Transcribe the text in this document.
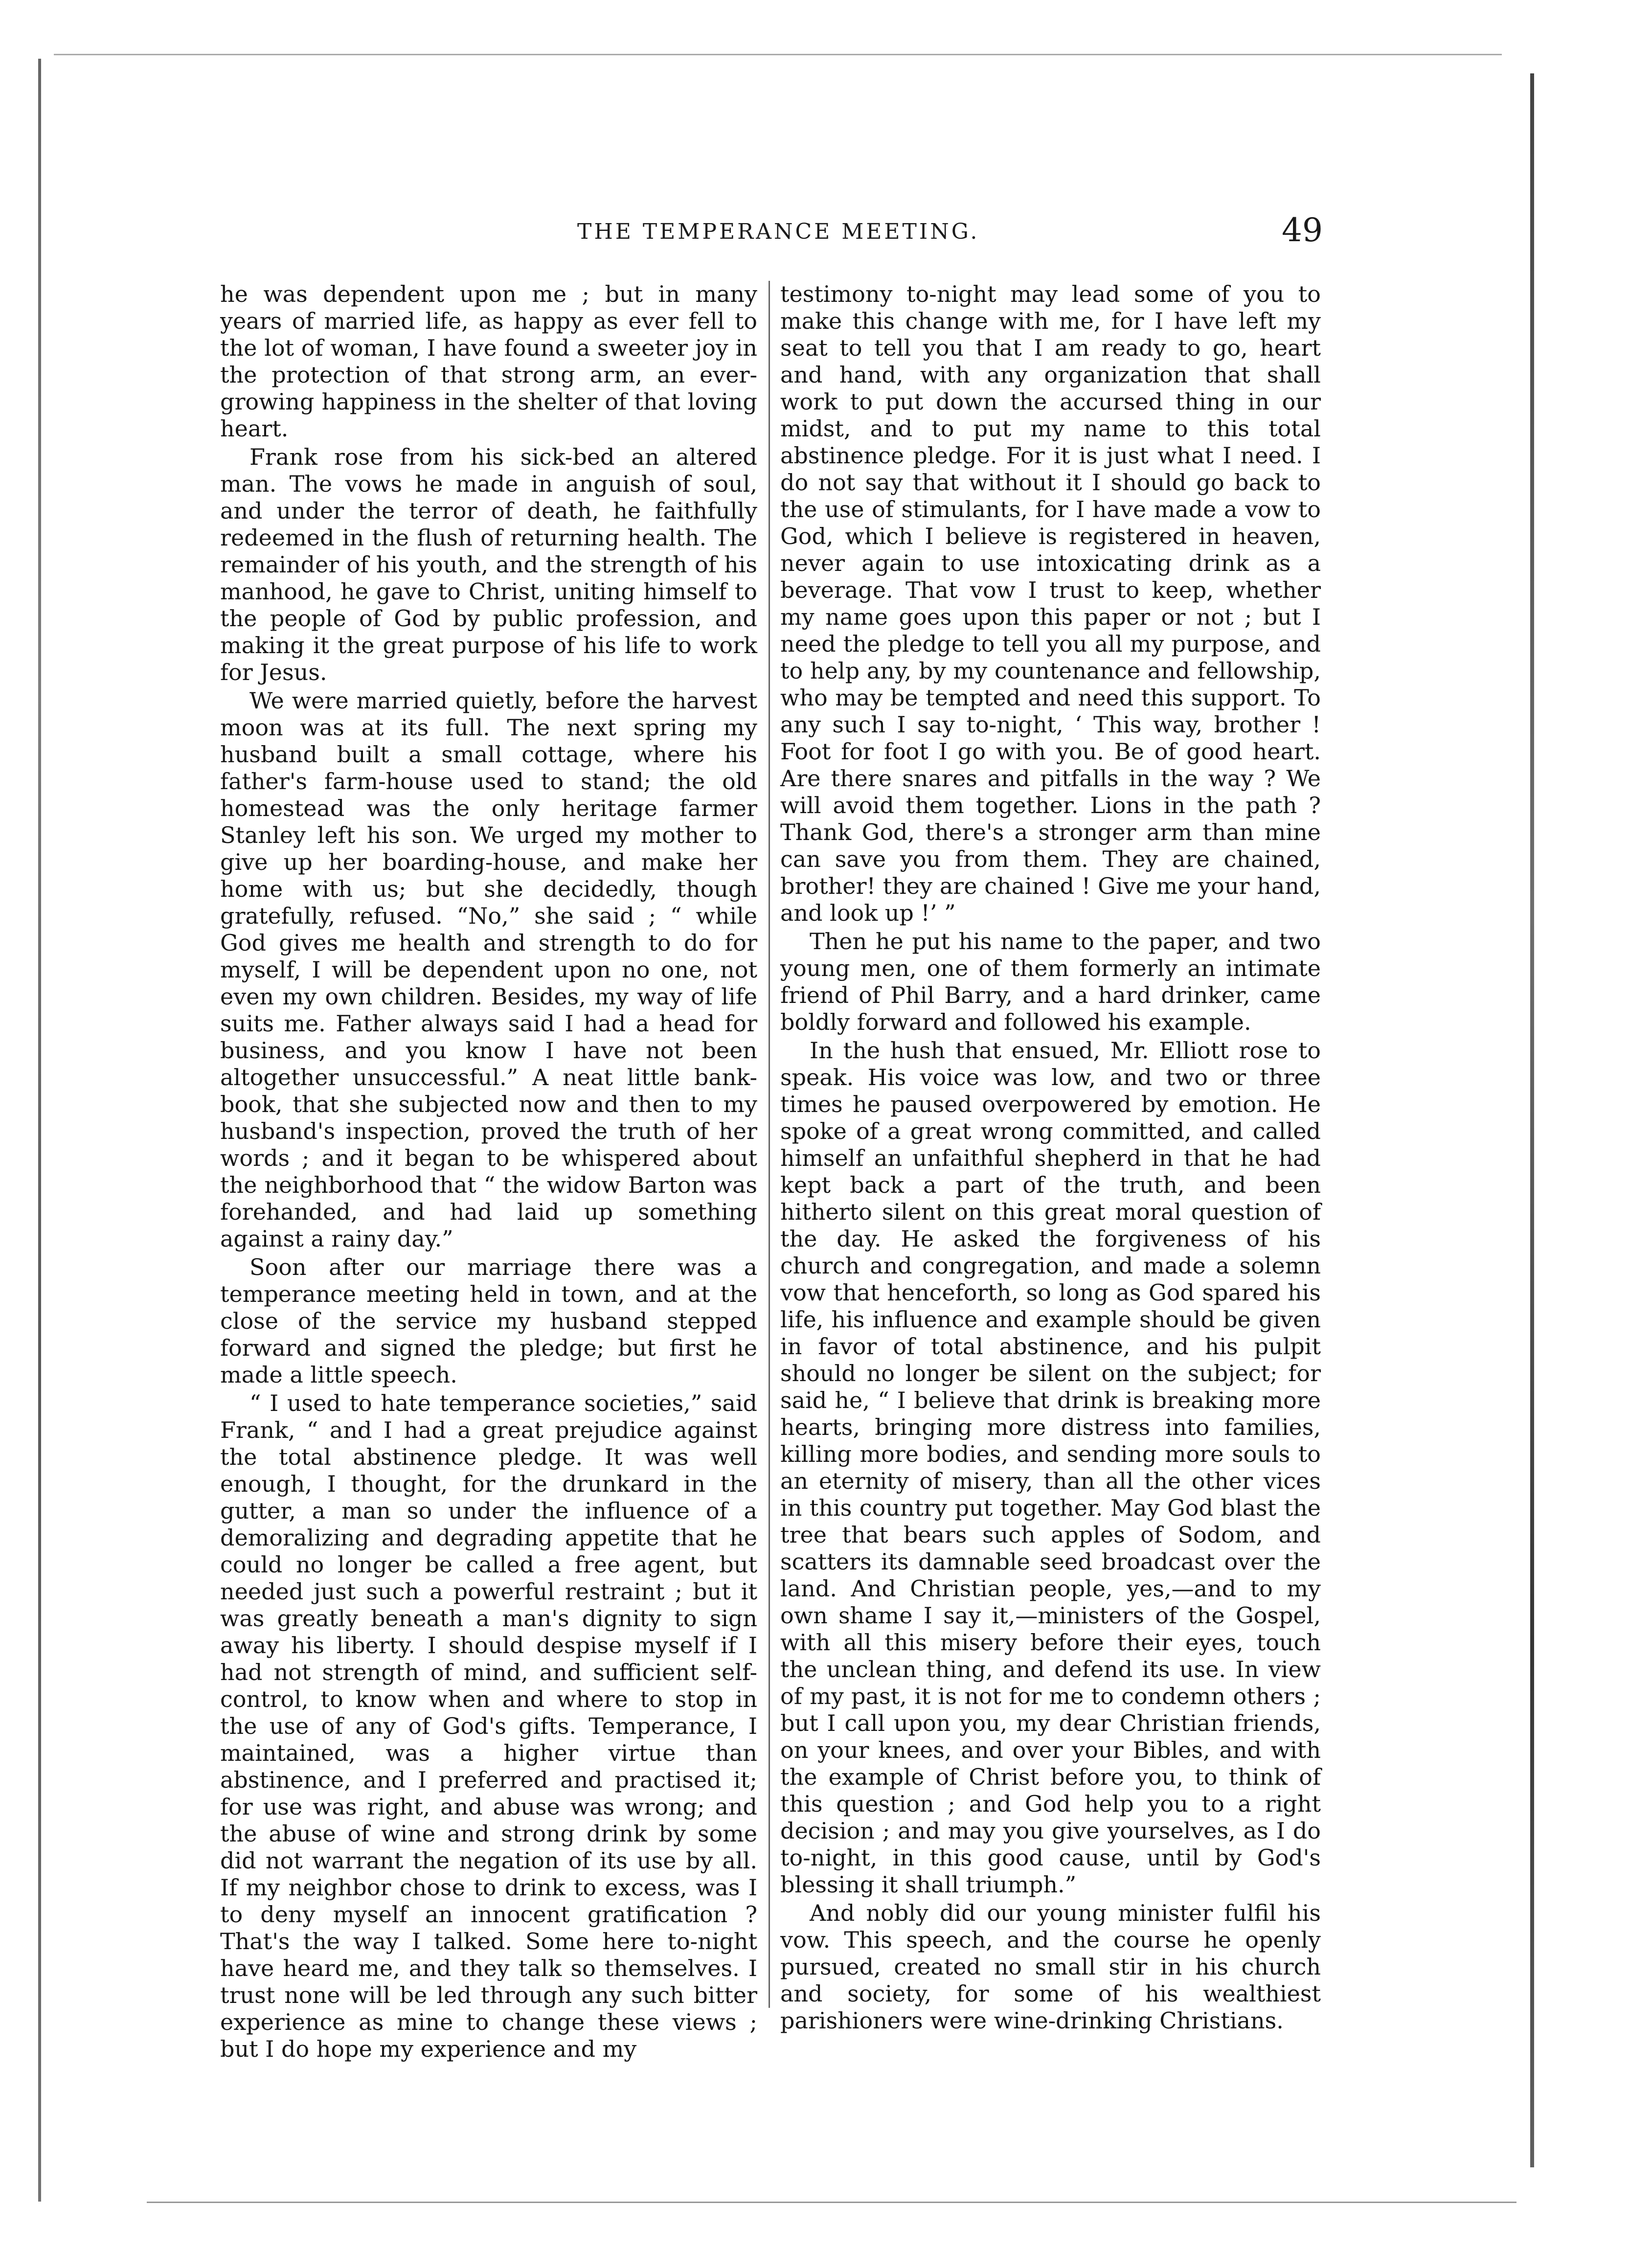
THE TEMPERANCE MEETING.	49

he was dependent upon me ; but in many years of married life, as happy as ever fell to the lot of woman, I have found a sweeter joy in the protection of that strong arm, an ever-growing happiness in the shelter of that loving heart.

Frank rose from his sick-bed an altered man. The vows he made in anguish of soul, and under the terror of death, he faithfully redeemed in the flush of returning health. The remainder of his youth, and the strength of his manhood, he gave to Christ, uniting himself to the people of God by public profession, and making it the great purpose of his life to work for Jesus.

We were married quietly, before the harvest moon was at its full. The next spring my husband built a small cottage, where his father's farm-house used to stand; the old homestead was the only heritage farmer Stanley left his son. We urged my mother to give up her boarding-house, and make her home with us; but she decidedly, though gratefully, refused. “No,” she said ; “ while God gives me health and strength to do for myself, I will be dependent upon no one, not even my own children. Besides, my way of life suits me. Father always said I had a head for business, and you know I have not been altogether unsuccessful.” A neat little bank-book, that she subjected now and then to my husband's inspection, proved the truth of her words ; and it began to be whispered about the neighborhood that “ the widow Barton was forehanded, and had laid up something against a rainy day.”

Soon after our marriage there was a temperance meeting held in town, and at the close of the service my husband stepped forward and signed the pledge; but first he made a little speech.

“ I used to hate temperance societies,” said Frank, “ and I had a great prejudice against the total abstinence pledge. It was well enough, I thought, for the drunkard in the gutter, a man so under the influence of a demoralizing and degrading appetite that he could no longer be called a free agent, but needed just such a powerful restraint ; but it was greatly beneath a man's dignity to sign away his liberty. I should despise myself if I had not strength of mind, and sufficient self-control, to know when and where to stop in the use of any of God's gifts. Temperance, I maintained, was a higher virtue than abstinence, and I preferred and practised it; for use was right, and abuse was wrong; and the abuse of wine and strong drink by some did not warrant the negation of its use by all. If my neighbor chose to drink to excess, was I to deny myself an innocent gratification ? That's the way I talked. Some here to-night have heard me, and they talk so themselves. I trust none will be led through any such bitter experience as mine to change these views ; but I do hope my experience and my

testimony to-night may lead some of you to make this change with me, for I have left my seat to tell you that I am ready to go, heart and hand, with any organization that shall work to put down the accursed thing in our midst, and to put my name to this total abstinence pledge. For it is just what I need. I do not say that without it I should go back to the use of stimulants, for I have made a vow to God, which I believe is registered in heaven, never again to use intoxicating drink as a beverage. That vow I trust to keep, whether my name goes upon this paper or not ; but I need the pledge to tell you all my purpose, and to help any, by my countenance and fellowship, who may be tempted and need this support. To any such I say to-night, ‘ This way, brother ! Foot for foot I go with you. Be of good heart. Are there snares and pitfalls in the way ? We will avoid them together. Lions in the path ? Thank God, there's a stronger arm than mine can save you from them. They are chained, brother! they are chained ! Give me your hand, and look up !’ ”

Then he put his name to the paper, and two young men, one of them formerly an intimate friend of Phil Barry, and a hard drinker, came boldly forward and followed his example.

In the hush that ensued, Mr. Elliott rose to speak. His voice was low, and two or three times he paused overpowered by emotion. He spoke of a great wrong committed, and called himself an unfaithful shepherd in that he had kept back a part of the truth, and been hitherto silent on this great moral question of the day. He asked the forgiveness of his church and congregation, and made a solemn vow that henceforth, so long as God spared his life, his influence and example should be given in favor of total abstinence, and his pulpit should no longer be silent on the subject; for said he, “ I believe that drink is breaking more hearts, bringing more distress into families, killing more bodies, and sending more souls to an eternity of misery, than all the other vices in this country put together. May God blast the tree that bears such apples of Sodom, and scatters its damnable seed broadcast over the land. And Christian people, yes,—and to my own shame I say it,—ministers of the Gospel, with all this misery before their eyes, touch the unclean thing, and defend its use. In view of my past, it is not for me to condemn others ; but I call upon you, my dear Christian friends, on your knees, and over your Bibles, and with the example of Christ before you, to think of this question ; and God help you to a right decision ; and may you give yourselves, as I do to-night, in this good cause, until by God's blessing it shall triumph.”

And nobly did our young minister fulfil his vow. This speech, and the course he openly pursued, created no small stir in his church and society, for some of his wealthiest parishioners were wine-drinking Christians.
